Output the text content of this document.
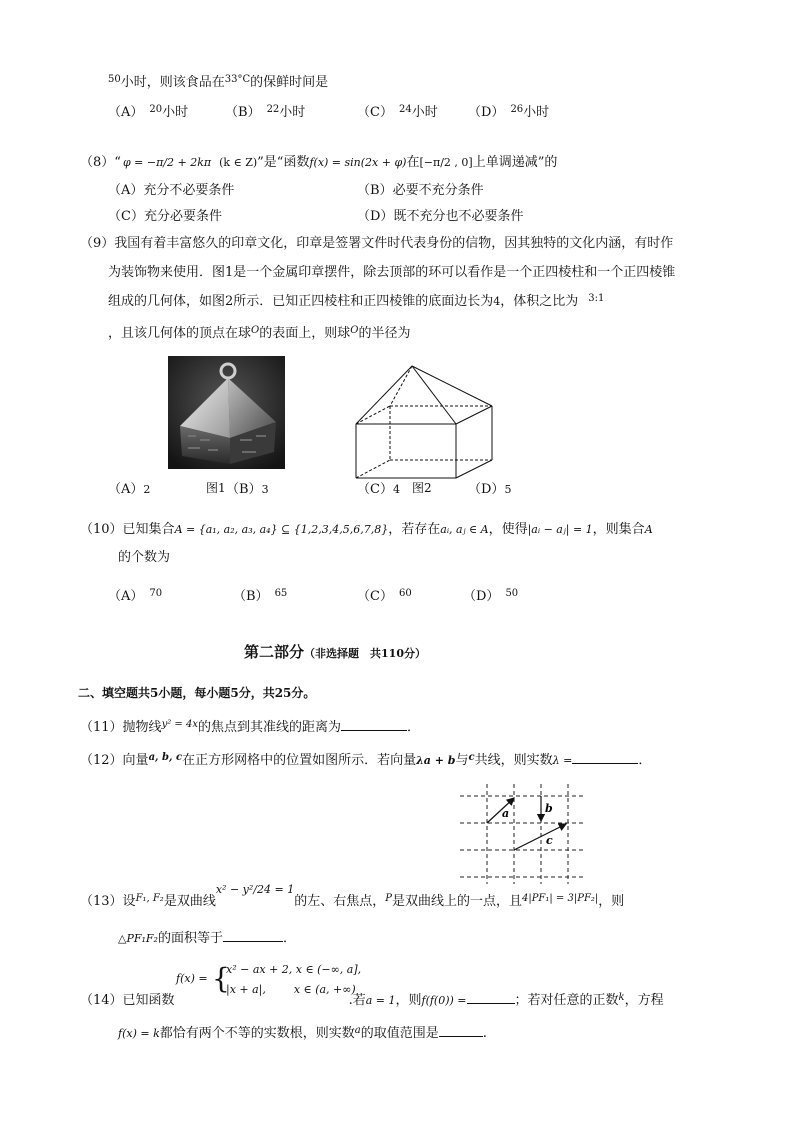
$^{50}$小时，则该食品在$^{33^\circ C}$的保鲜时间是
（A） $^{20}$小时	（B） $^{22}$小时	（C） $^{24}$小时 （D） $^{26}$小时
（8）“ φ = −π/2 + 2kπ (k ∈ Z)”是“函数f(x) = sin(2x + φ)在[−π/2 , 0]上单调递减”的
（A）充分不必要条件	（B）必要不充分条件
（C）充分必要条件	（D）既不充分也不必要条件
（9）我国有着丰富悠久的印章文化，印章是签署文件时代表身份的信物，因其独特的文化内涵，有时作
为装饰物来使用．图1是一个金属印章摆件，除去顶部的环可以看作是一个正四棱柱和一个正四棱锥
组成的几何体，如图2所示．已知正四棱柱和正四棱锥的底面边长为4，体积之比为 $^{3:1}$
，且该几何体的顶点在球$^O$的表面上，则球$^O$的半径为
（A）2	图1 （B）3	（C）4 图2	（D）5
（10）已知集合A = {a₁, a₂, a₃, a₄} ⊆ {1,2,3,4,5,6,7,8}，若存在aᵢ, aⱼ ∈ A，使得|aᵢ − aⱼ| = 1，则集合A
的个数为
（A） $^{70}$	（B） $^{65}$	（C） $^{60}$	（D） $^{50}$
第二部分（非选择题　共110分）
二、填空题共5小题，每小题5分，共25分。
（11）抛物线$^{y^2 = 4x}$的焦点到其准线的距离为	．
（12）向量$^{a, b, c}$在正方形网格中的位置如图所示．若向量λa + b与$^c$共线，则实数λ =	．
a	b
c
（13）设$^{F_1, F_2}$是双曲线$^{x^2 - y^2/24 = 1}$的左、右焦点，$^P$是双曲线上的一点，且$^{4|PF_1| = 3|PF_2|}$，则
△PF₁F₂的面积等于	．
f(x) = {
x² − ax + 2, x ∈ (−∞, a],
|x + a|,        x ∈ (a, +∞)
（14）已知函数	.若a = 1，则f(f(0)) =	；若对任意的正数$^k$，方程
f(x) = k都恰有两个不等的实数根，则实数$^a$的取值范围是	.
